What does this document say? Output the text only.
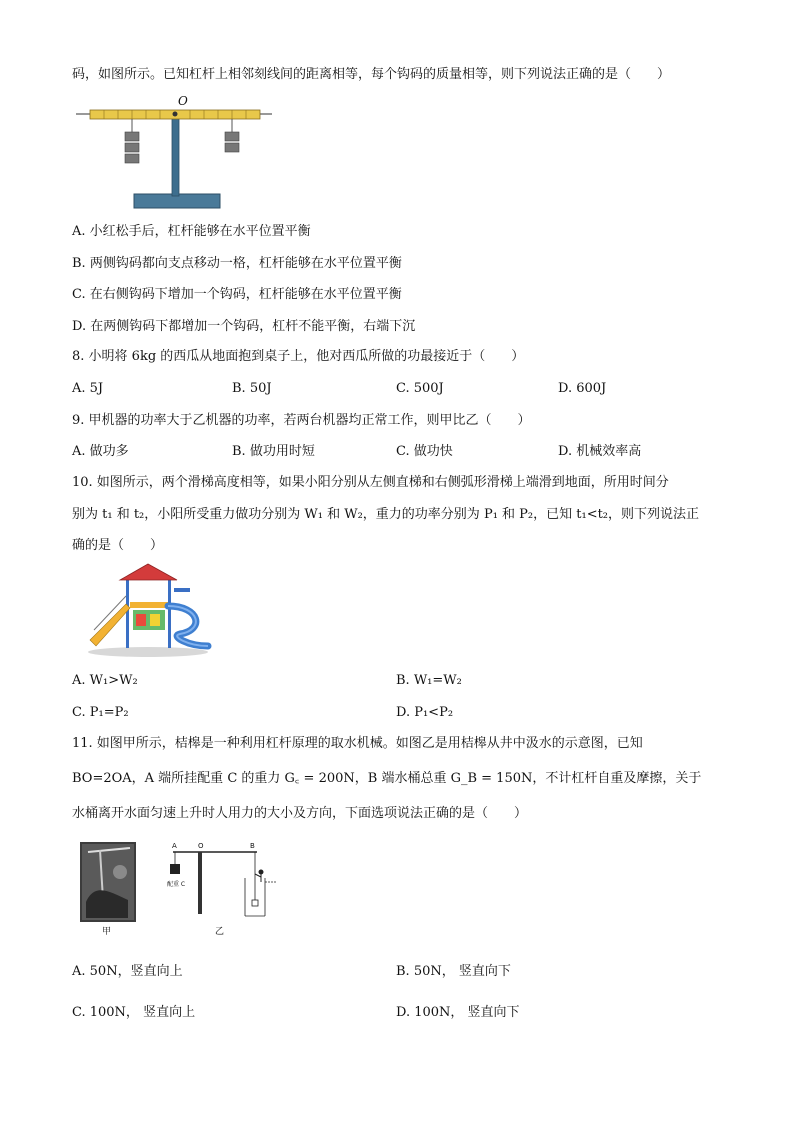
码，如图所示。已知杠杆上相邻刻线间的距离相等，每个钩码的质量相等，则下列说法正确的是（　　）
O
A. 小红松手后，杠杆能够在水平位置平衡
B. 两侧钩码都向支点移动一格，杠杆能够在水平位置平衡
C. 在右侧钩码下增加一个钩码，杠杆能够在水平位置平衡
D. 在两侧钩码下都增加一个钩码，杠杆不能平衡，右端下沉
8. 小明将 6kg 的西瓜从地面抱到桌子上，他对西瓜所做的功最接近于（　　）
A. 5J	B. 50J	C. 500J	D. 600J
9. 甲机器的功率大于乙机器的功率，若两台机器均正常工作，则甲比乙（　　）
A. 做功多	B. 做功用时短	C. 做功快	D. 机械效率高
10. 如图所示，两个滑梯高度相等，如果小阳分别从左侧直梯和右侧弧形滑梯上端滑到地面，所用时间分
别为 t₁ 和 t₂，小阳所受重力做功分别为 W₁ 和 W₂，重力的功率分别为 P₁ 和 P₂，已知 t₁<t₂，则下列说法正
确的是（　　）
A. W₁>W₂	B. W₁=W₂
C. P₁=P₂	D. P₁<P₂
11. 如图甲所示，桔槔是一种利用杠杆原理的取水机械。如图乙是用桔槔从井中汲水的示意图，已知
BO=2OA，A 端所挂配重 C 的重力 G꜀ = 200N，B 端水桶总重 G_B = 150N，不计杠杆自重及摩擦，关于
水桶离开水面匀速上升时人用力的大小及方向，下面选项说法正确的是（　　）
甲
A	O	B
配重 C
乙
A. 50N，竖直向上	B. 50N， 竖直向下
C. 100N， 竖直向上	D. 100N， 竖直向下
